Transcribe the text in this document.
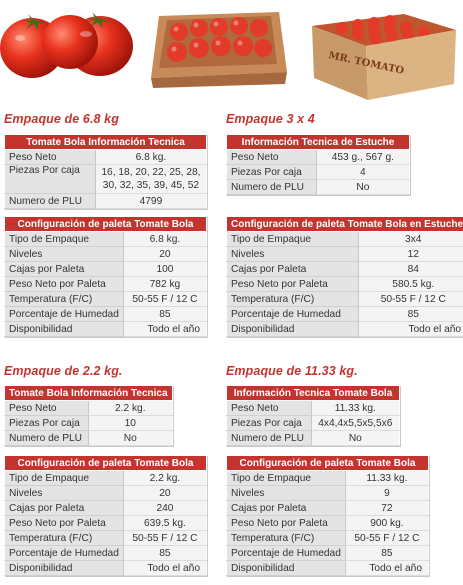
MR. TOMATO
Empaque de 6.8 kg
Tomate Bola Información Tecnica	
Peso Neto	6.8 kg.
Piezas Por caja	16, 18, 20, 22, 25, 28, 30, 32, 35, 39, 45, 52
Numero de PLU	4799
Configuración de paleta Tomate Bola	
Tipo de Empaque	6.8 kg.
Niveles	20
Cajas por Paleta	100
Peso Neto por Paleta	782 kg
Temperatura (F/C)	50-55 F / 12 C
Porcentaje de Humedad	85
Disponibilidad	Todo el año
Empaque 3 x 4
Información Tecnica de Estuche	
Peso Neto	453 g., 567 g.
Piezas Por caja	4
Numero de PLU	No
Configuración de paleta Tomate Bola en Estuche	
Tipo de Empaque	3x4
Niveles	12
Cajas por Paleta	84
Peso Neto por Paleta	580.5 kg.
Temperatura (F/C)	50-55 F / 12 C
Porcentaje de Humedad	85
Disponibilidad	Todo el año
Empaque de 2.2 kg.
Tomate Bola Información Tecnica	
Peso Neto	2.2 kg.
Piezas Por caja	10
Numero de PLU	No
Configuración de paleta Tomate Bola	
Tipo de Empaque	2.2 kg.
Niveles	20
Cajas por Paleta	240
Peso Neto por Paleta	639.5 kg.
Temperatura (F/C)	50-55 F / 12 C
Porcentaje de Humedad	85
Disponibilidad	Todo el año
Empaque de 11.33 kg.
Información Tecnica Tomate Bola	
Peso Neto	11.33 kg.
Piezas Por caja	4x4,4x5,5x5,5x6
Numero de PLU	No
Configuración de paleta Tomate Bola	
Tipo de Empaque	11.33 kg.
Niveles	9
Cajas por Paleta	72
Peso Neto por Paleta	900 kg.
Temperatura (F/C)	50-55 F / 12 C
Porcentaje de Humedad	85
Disponibilidad	Todo el año
